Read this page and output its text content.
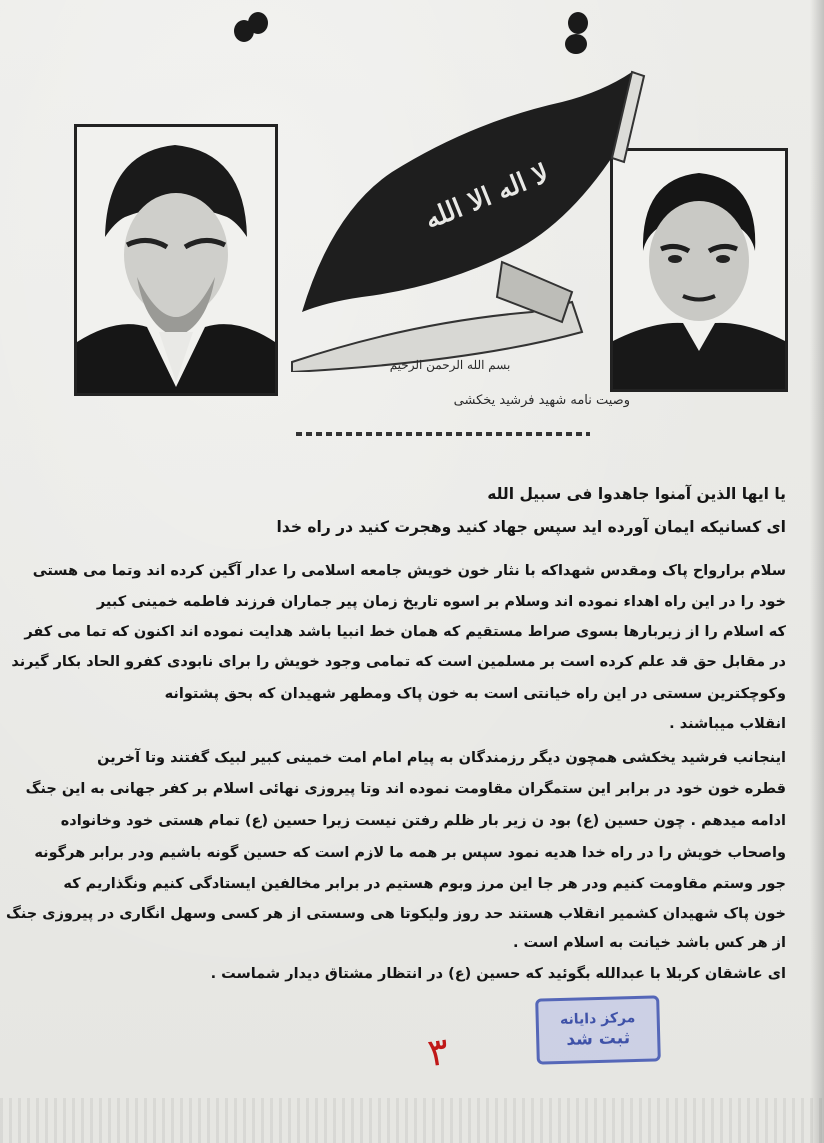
لا اله الا الله
بسم الله الرحمن الرحیم
وصیت نامه شهید فرشید یخکشی
یا ایها الذین آمنوا جاهدوا فی سبیل الله
ای کسانیکه ایمان آورده اید سپس جهاد کنید وهجرت کنید در راه خدا
سلام برارواح پاک ومقدس شهداکه با نثار خون خویش جامعه اسلامی را عدار آگین کرده اند وتما می هستی
خود را در این راه اهداء نموده اند وسلام بر اسوه تاریخ زمان پیر جماران فرزند فاطمه خمینی کبیر
که اسلام را از زیربارها بسوی صراط مستقیم که همان خط انبیا باشد هدایت نموده اند اکنون که تما می کفر
در مقابل حق قد علم کرده است بر مسلمین است که تمامی وجود خویش را برای نابودی کفرو الحاد بکار گیرند
وکوچکترین سستی در این راه خیانتی است به خون پاک ومطهر شهیدان که بحق پشتوانه
انقلاب میباشند .
اینجانب فرشید یخکشی همچون دیگر رزمندگان به پیام امام امت خمینی کبیر لبیک گفتند وتا آخرین
قطره خون خود در برابر این ستمگران مقاومت نموده اند وتا پیروزی نهائی اسلام بر کفر جهانی به این جنگ
ادامه میدهم . چون حسین (ع) بود ن زیر بار ظلم رفتن نیست زیرا حسین (ع) تمام هستی خود وخانواده
واصحاب خویش را در راه خدا هدیه نمود سپس بر همه ما لازم است که حسین گونه باشیم ودر برابر هرگونه
جور وستم مقاومت کنیم ودر هر جا این مرز وبوم هستیم در برابر مخالفین ایستادگی کنیم ونگذاریم که
خون پاک شهیدان کشمیر انقلاب هستند حد روز ولیکوتا هی وسستی از هر کسی وسهل انگاری در پیروزی جنگ
از هر کس باشد خیانت به اسلام است .
ای عاشقان کربلا با عبدالله بگوئید که حسین (ع) در انتظار مشتاق دیدار شماست .
مرکز دایانه
ثبت شد
۳
